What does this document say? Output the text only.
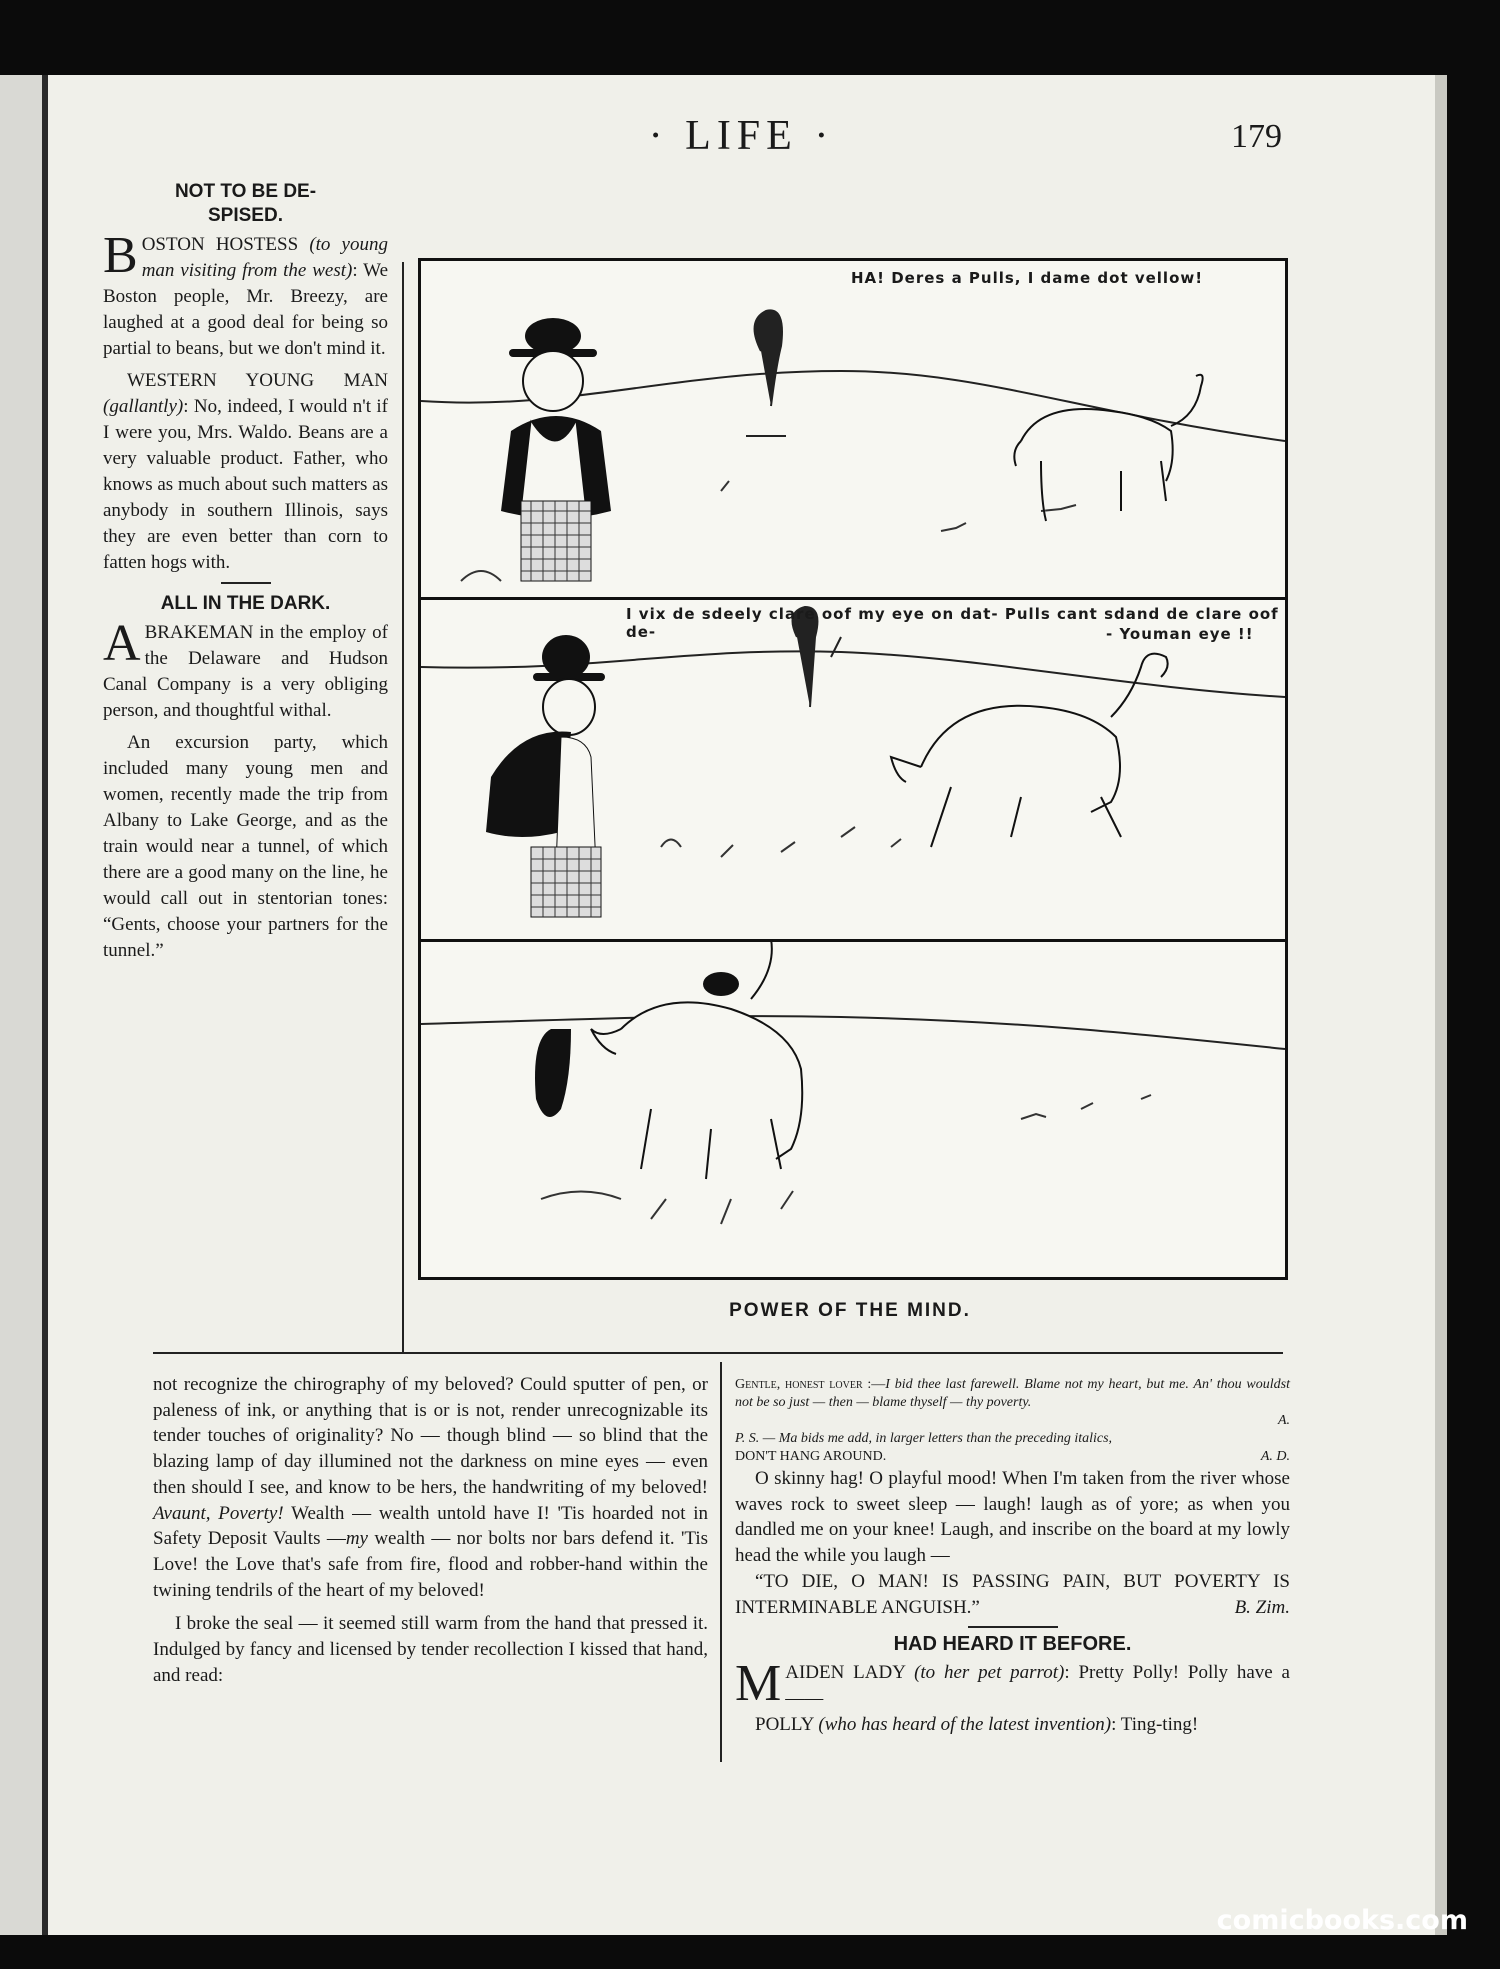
· LIFE ·	179
NOT TO BE DE-
SPISED.

BOSTON HOSTESS (to young man visiting from the west): We Boston people, Mr. Breezy, are laughed at a good deal for being so partial to beans, but we don't mind it.

WESTERN YOUNG MAN (gallantly): No, indeed, I would n't if I were you, Mrs. Waldo. Beans are a very valuable product. Father, who knows as much about such matters as anybody in southern Illinois, says they are even better than corn to fatten hogs with.

ALL IN THE DARK.

ABRAKEMAN in the employ of the Delaware and Hudson Canal Company is a very obliging person, and thoughtful withal.

An excursion party, which included many young men and women, recently made the trip from Albany to Lake George, and as the train would near a tunnel, of which there are a good many on the line, he would call out in stentorian tones: “Gents, choose your partners for the tunnel.”

HA! Deres a Pulls, I dame dot vellow!
I vix de sdeely clare oof my eye on dat- Pulls cant sdand de clare oof de-	- Youman eye !!
POWER OF THE MIND.

not recognize the chirography of my beloved? Could sputter of pen, or paleness of ink, or anything that is or is not, render unrecognizable its tender touches of originality? No — though blind — so blind that the blazing lamp of day illumined not the darkness on mine eyes — even then should I see, and know to be hers, the handwriting of my beloved! Avaunt, Poverty! Wealth — wealth untold have I! 'Tis hoarded not in Safety Deposit Vaults —my wealth — nor bolts nor bars defend it. 'Tis Love! the Love that's safe from fire, flood and robber-hand within the twining tendrils of the heart of my beloved!

I broke the seal — it seemed still warm from the hand that pressed it. Indulged by fancy and licensed by tender recollection I kissed that hand, and read:

Gentle, honest lover :—I bid thee last farewell. Blame not my heart, but me. An' thou wouldst not be so just — then — blame thyself — thy poverty.

A.

P. S. — Ma bids me add, in larger letters than the preceding italics,

DON'T HANG AROUND.	A. D.

O skinny hag! O playful mood! When I'm taken from the river whose waves rock to sweet sleep — laugh! laugh as of yore; as when you dandled me on your knee! Laugh, and inscribe on the board at my lowly head the while you laugh —

“TO DIE, O MAN! IS PASSING PAIN, BUT POVERTY IS INTERMINABLE ANGUISH.”	B. Zim.

HAD HEARD IT BEFORE.

MAIDEN LADY (to her pet parrot): Pretty Polly! Polly have a ——

POLLY (who has heard of the latest invention): Ting-ting!

comicbooks.com
